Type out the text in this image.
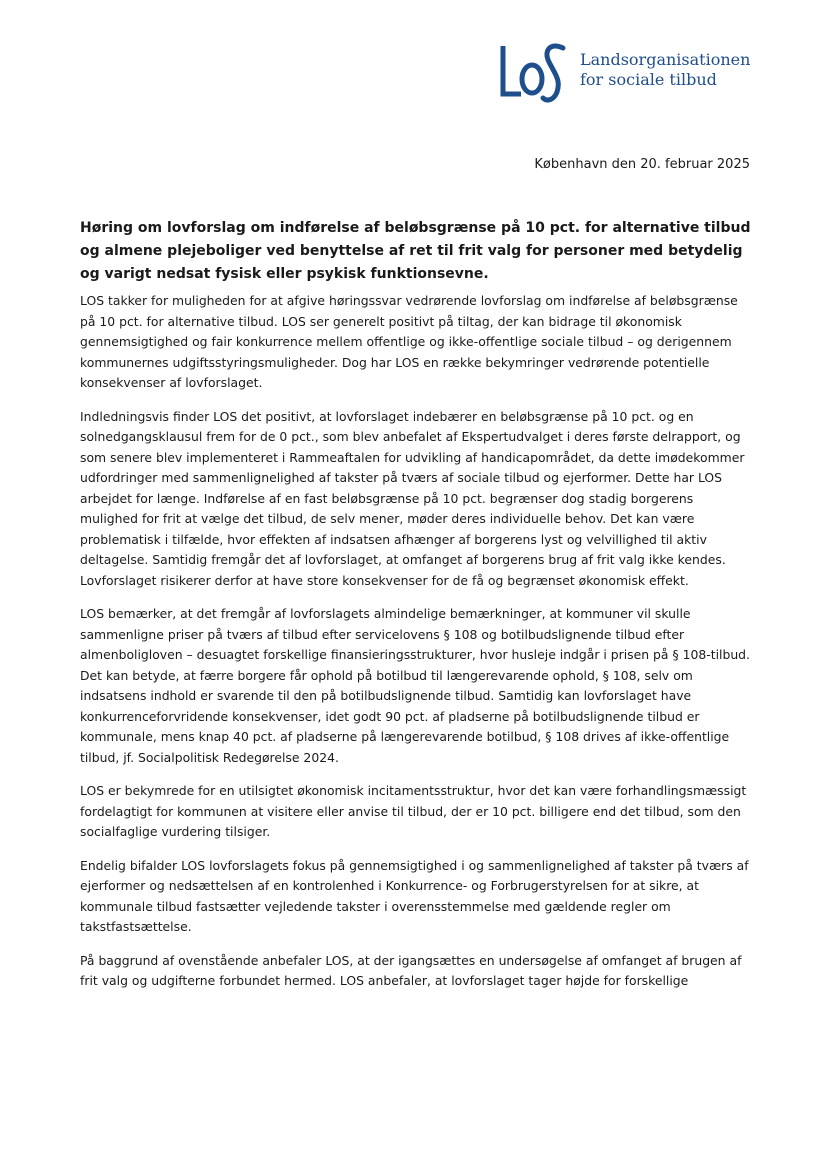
Landsorganisationen
for sociale tilbud
København den 20. februar 2025
Høring om lovforslag om indførelse af beløbsgrænse på 10 pct. for alternative tilbud og almene plejeboliger ved benyttelse af ret til frit valg for personer med betydelig og varigt nedsat fysisk eller psykisk funktionsevne.

LOS takker for muligheden for at afgive høringssvar vedrørende lovforslag om indførelse af beløbsgrænse på 10 pct. for alternative tilbud. LOS ser generelt positivt på tiltag, der kan bidrage til økonomisk gennemsigtighed og fair konkurrence mellem offentlige og ikke-offentlige sociale tilbud – og derigennem kommunernes udgiftsstyringsmuligheder. Dog har LOS en række bekymringer vedrørende potentielle konsekvenser af lovforslaget.

Indledningsvis finder LOS det positivt, at lovforslaget indebærer en beløbsgrænse på 10 pct. og en solnedgangsklausul frem for de 0 pct., som blev anbefalet af Ekspertudvalget i deres første delrapport, og som senere blev implementeret i Rammeaftalen for udvikling af handicapområdet, da dette imødekommer udfordringer med sammenlignelighed af takster på tværs af sociale tilbud og ejerformer. Dette har LOS arbejdet for længe. Indførelse af en fast beløbsgrænse på 10 pct. begrænser dog stadig borgerens mulighed for frit at vælge det tilbud, de selv mener, møder deres individuelle behov. Det kan være problematisk i tilfælde, hvor effekten af indsatsen afhænger af borgerens lyst og velvillighed til aktiv deltagelse. Samtidig fremgår det af lovforslaget, at omfanget af borgerens brug af frit valg ikke kendes. Lovforslaget risikerer derfor at have store konsekvenser for de få og begrænset økonomisk effekt.

LOS bemærker, at det fremgår af lovforslagets almindelige bemærkninger, at kommuner vil skulle sammenligne priser på tværs af tilbud efter servicelovens § 108 og botilbudslignende tilbud efter almenboligloven – desuagtet forskellige finansieringsstrukturer, hvor husleje indgår i prisen på § 108-tilbud. Det kan betyde, at færre borgere får ophold på botilbud til længerevarende ophold, § 108, selv om indsatsens indhold er svarende til den på botilbudslignende tilbud. Samtidig kan lovforslaget have konkurrenceforvridende konsekvenser, idet godt 90 pct. af pladserne på botilbudslignende tilbud er kommunale, mens knap 40 pct. af pladserne på længerevarende botilbud, § 108 drives af ikke-offentlige tilbud, jf. Socialpolitisk Redegørelse 2024.

LOS er bekymrede for en utilsigtet økonomisk incitamentsstruktur, hvor det kan være forhandlingsmæssigt fordelagtigt for kommunen at visitere eller anvise til tilbud, der er 10 pct. billigere end det tilbud, som den socialfaglige vurdering tilsiger.

Endelig bifalder LOS lovforslagets fokus på gennemsigtighed i og sammenlignelighed af takster på tværs af ejerformer og nedsættelsen af en kontrolenhed i Konkurrence- og Forbrugerstyrelsen for at sikre, at kommunale tilbud fastsætter vejledende takster i overensstemmelse med gældende regler om takstfastsættelse.

På baggrund af ovenstående anbefaler LOS, at der igangsættes en undersøgelse af omfanget af brugen af frit valg og udgifterne forbundet hermed. LOS anbefaler, at lovforslaget tager højde for forskellige
